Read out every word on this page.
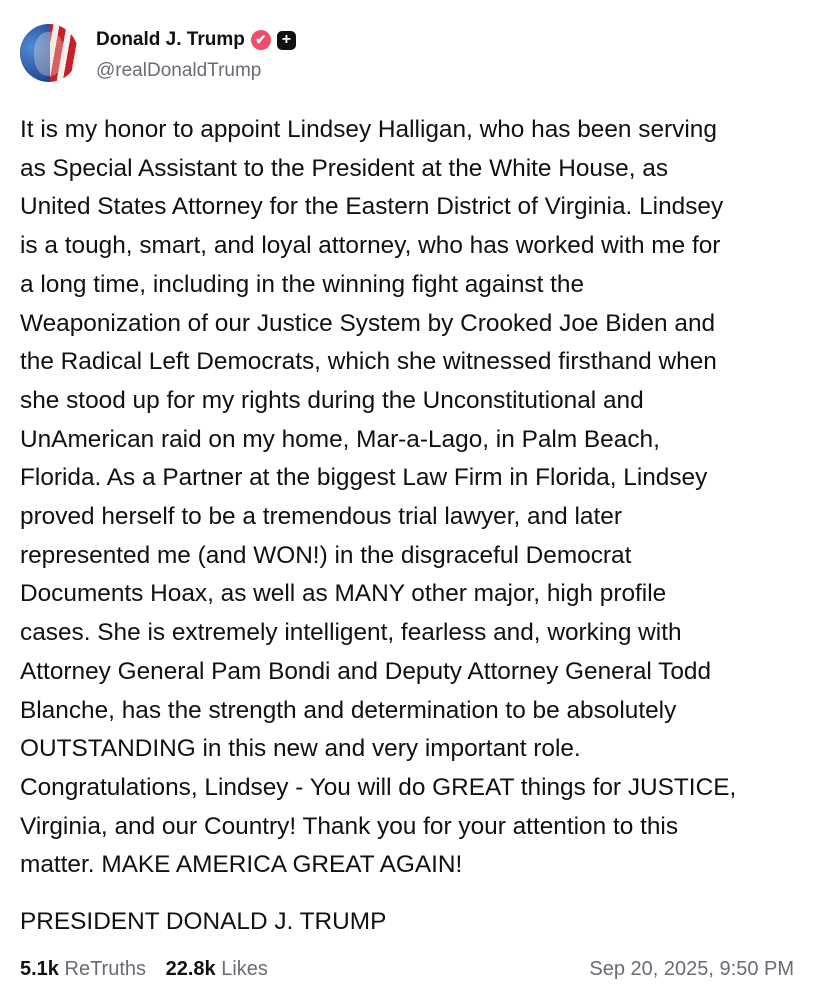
Donald J. Trump ✔ +
@realDonaldTrump
It is my honor to appoint Lindsey Halligan, who has been serving
as Special Assistant to the President at the White House, as
United States Attorney for the Eastern District of Virginia. Lindsey
is a tough, smart, and loyal attorney, who has worked with me for
a long time, including in the winning fight against the
Weaponization of our Justice System by Crooked Joe Biden and
the Radical Left Democrats, which she witnessed firsthand when
she stood up for my rights during the Unconstitutional and
UnAmerican raid on my home, Mar-a-Lago, in Palm Beach,
Florida. As a Partner at the biggest Law Firm in Florida, Lindsey
proved herself to be a tremendous trial lawyer, and later
represented me (and WON!) in the disgraceful Democrat
Documents Hoax, as well as MANY other major, high profile
cases. She is extremely intelligent, fearless and, working with
Attorney General Pam Bondi and Deputy Attorney General Todd
Blanche, has the strength and determination to be absolutely
OUTSTANDING in this new and very important role.
Congratulations, Lindsey - You will do GREAT things for JUSTICE,
Virginia, and our Country! Thank you for your attention to this
matter. MAKE AMERICA GREAT AGAIN!
PRESIDENT DONALD J. TRUMP
5.1k ReTruths 22.8k Likes	Sep 20, 2025, 9:50 PM
